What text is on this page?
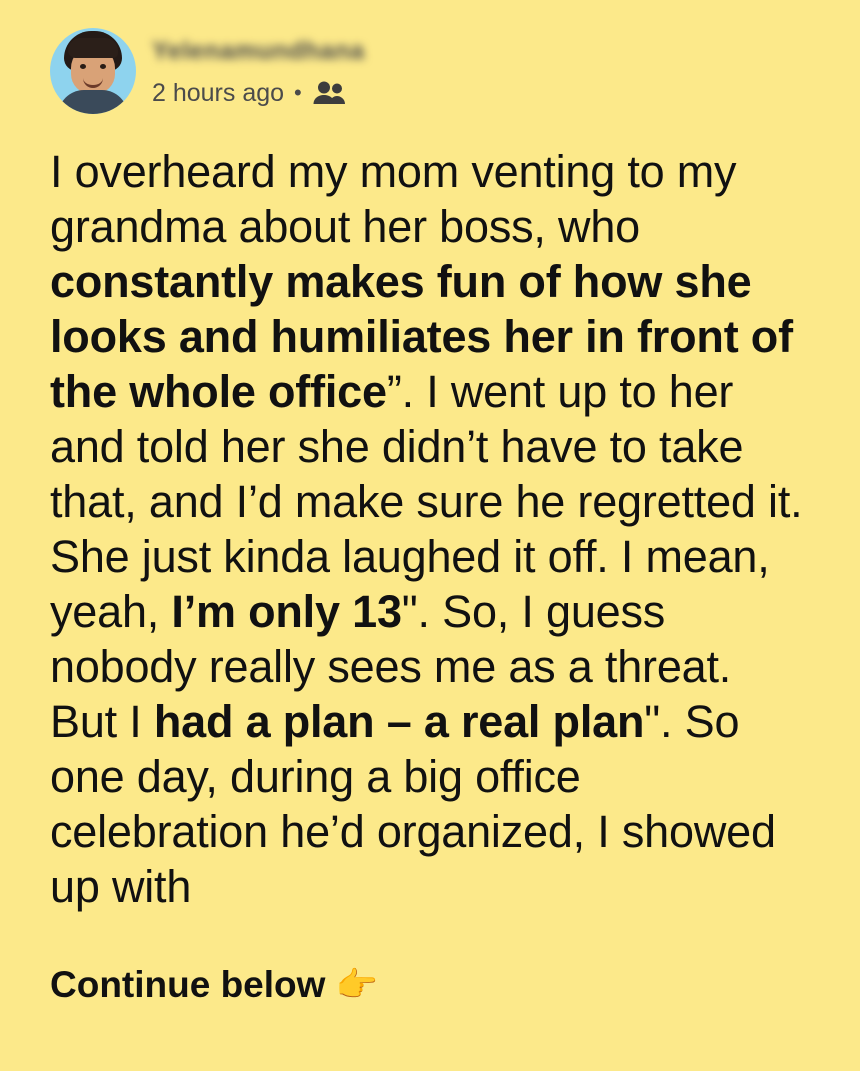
Yelenamundhana
2 hours ago •
I overheard my mom venting to my grandma about her boss, who constantly makes fun of how she looks and humiliates her in front of the whole office”. I went up to her and told her she didn’t have to take that, and I’d make sure he regretted it. She just kinda laughed it off. I mean, yeah, I’m only 13". So, I guess nobody really sees me as a threat. But I had a plan – a real plan". So one day, during a big office celebration he’d organized, I showed up with
Continue below 👉
